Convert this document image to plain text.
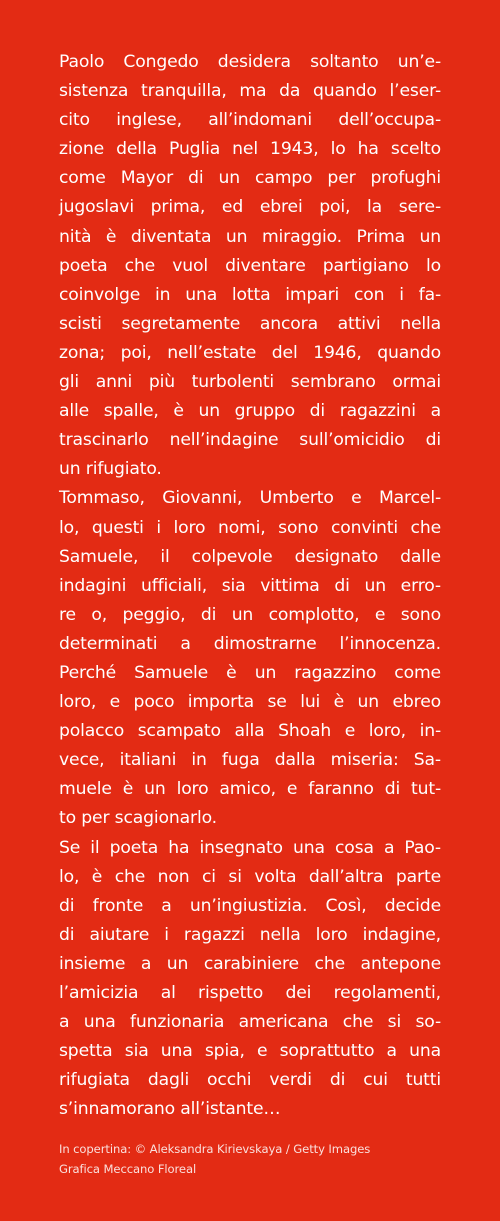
Paolo Congedo desidera soltanto un’e-
sistenza tranquilla, ma da quando l’eser-
cito inglese, all’indomani dell’occupa-
zione della Puglia nel 1943, lo ha scelto
come Mayor di un campo per profughi
jugoslavi prima, ed ebrei poi, la sere-
nità è diventata un miraggio. Prima un
poeta che vuol diventare partigiano lo
coinvolge in una lotta impari con i fa-
scisti segretamente ancora attivi nella
zona; poi, nell’estate del 1946, quando
gli anni più turbolenti sembrano ormai
alle spalle, è un gruppo di ragazzini a
trascinarlo nell’indagine sull’omicidio di
un rifugiato.
Tommaso, Giovanni, Umberto e Marcel-
lo, questi i loro nomi, sono convinti che
Samuele, il colpevole designato dalle
indagini ufficiali, sia vittima di un erro-
re o, peggio, di un complotto, e sono
determinati a dimostrarne l’innocenza.
Perché Samuele è un ragazzino come
loro, e poco importa se lui è un ebreo
polacco scampato alla Shoah e loro, in-
vece, italiani in fuga dalla miseria: Sa-
muele è un loro amico, e faranno di tut-
to per scagionarlo.
Se il poeta ha insegnato una cosa a Pao-
lo, è che non ci si volta dall’altra parte
di fronte a un’ingiustizia. Così, decide
di aiutare i ragazzi nella loro indagine,
insieme a un carabiniere che antepone
l’amicizia al rispetto dei regolamenti,
a una funzionaria americana che si so-
spetta sia una spia, e soprattutto a una
rifugiata dagli occhi verdi di cui tutti
s’innamorano all’istante…
In copertina: © Aleksandra Kirievskaya / Getty Images
Grafica Meccano Floreal
